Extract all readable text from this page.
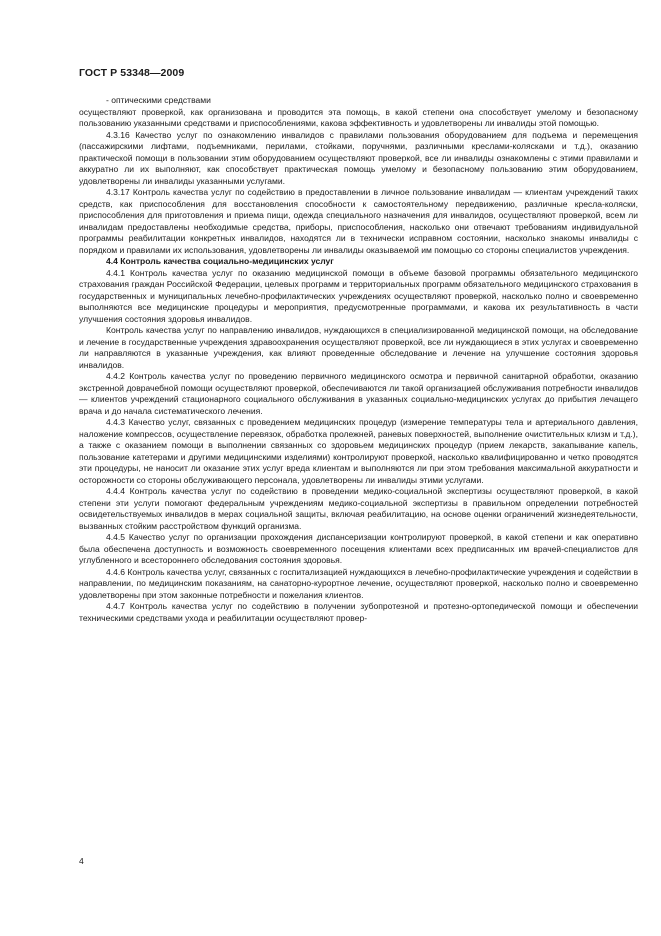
ГОСТ Р 53348—2009

- оптическими средствами

осуществляют проверкой, как организована и проводится эта помощь, в какой степени она способствует умелому и безопасному пользованию указанными средствами и приспособлениями, какова эффективность и удовлетворены ли инвалиды этой помощью.

4.3.16 Качество услуг по ознакомлению инвалидов с правилами пользования оборудованием для подъема и перемещения (пассажирскими лифтами, подъемниками, перилами, стойками, поручнями, различными креслами-колясками и т.д.), оказанию практической помощи в пользовании этим оборудованием осуществляют проверкой, все ли инвалиды ознакомлены с этими правилами и аккуратно ли их выполняют, как способствует практическая помощь умелому и безопасному пользованию этим оборудованием, удовлетворены ли инвалиды указанными услугами.

4.3.17 Контроль качества услуг по содействию в предоставлении в личное пользование инвалидам — клиентам учреждений таких средств, как приспособления для восстановления способности к самостоятельному передвижению, различные кресла-коляски, приспособления для приготовления и приема пищи, одежда специального назначения для инвалидов, осуществляют проверкой, всем ли инвалидам предоставлены необходимые средства, приборы, приспособления, насколько они отвечают требованиям индивидуальной программы реабилитации конкретных инвалидов, находятся ли в технически исправном состоянии, насколько знакомы инвалиды с порядком и правилами их использования, удовлетворены ли инвалиды оказываемой им помощью со стороны специалистов учреждения.

4.4 Контроль качества социально-медицинских услуг

4.4.1 Контроль качества услуг по оказанию медицинской помощи в объеме базовой программы обязательного медицинского страхования граждан Российской Федерации, целевых программ и территориальных программ обязательного медицинского страхования в государственных и муниципальных лечебно-профилактических учреждениях осуществляют проверкой, насколько полно и своевременно выполняются все медицинские процедуры и мероприятия, предусмотренные программами, и какова их результативность в части улучшения состояния здоровья инвалидов.

Контроль качества услуг по направлению инвалидов, нуждающихся в специализированной медицинской помощи, на обследование и лечение в государственные учреждения здравоохранения осуществляют проверкой, все ли нуждающиеся в этих услугах и своевременно ли направляются в указанные учреждения, как влияют проведенные обследование и лечение на улучшение состояния здоровья инвалидов.

4.4.2 Контроль качества услуг по проведению первичного медицинского осмотра и первичной санитарной обработки, оказанию экстренной доврачебной помощи осуществляют проверкой, обеспечиваются ли такой организацией обслуживания потребности инвалидов — клиентов учреждений стационарного социального обслуживания в указанных социально-медицинских услугах до прибытия лечащего врача и до начала систематического лечения.

4.4.3 Качество услуг, связанных с проведением медицинских процедур (измерение температуры тела и артериального давления, наложение компрессов, осуществление перевязок, обработка пролежней, раневых поверхностей, выполнение очистительных клизм и т.д.), а также с оказанием помощи в выполнении связанных со здоровьем медицинских процедур (прием лекарств, закапывание капель, пользование катетерами и другими медицинскими изделиями) контролируют проверкой, насколько квалифицированно и четко проводятся эти процедуры, не наносит ли оказание этих услуг вреда клиентам и выполняются ли при этом требования максимальной аккуратности и осторожности со стороны обслуживающего персонала, удовлетворены ли инвалиды этими услугами.

4.4.4 Контроль качества услуг по содействию в проведении медико-социальной экспертизы осуществляют проверкой, в какой степени эти услуги помогают федеральным учреждениям медико-социальной экспертизы в правильном определении потребностей освидетельствуемых инвалидов в мерах социальной защиты, включая реабилитацию, на основе оценки ограничений жизнедеятельности, вызванных стойким расстройством функций организма.

4.4.5 Качество услуг по организации прохождения диспансеризации контролируют проверкой, в какой степени и как оперативно была обеспечена доступность и возможность своевременного посещения клиентами всех предписанных им врачей-специалистов для углубленного и всестороннего обследования состояния здоровья.

4.4.6 Контроль качества услуг, связанных с госпитализацией нуждающихся в лечебно-профилактические учреждения и содействии в направлении, по медицинским показаниям, на санаторно-курортное лечение, осуществляют проверкой, насколько полно и своевременно удовлетворены при этом законные потребности и пожелания клиентов.

4.4.7 Контроль качества услуг по содействию в получении зубопротезной и протезно-ортопедической помощи и обеспечении техническими средствами ухода и реабилитации осуществляют провер-

4
